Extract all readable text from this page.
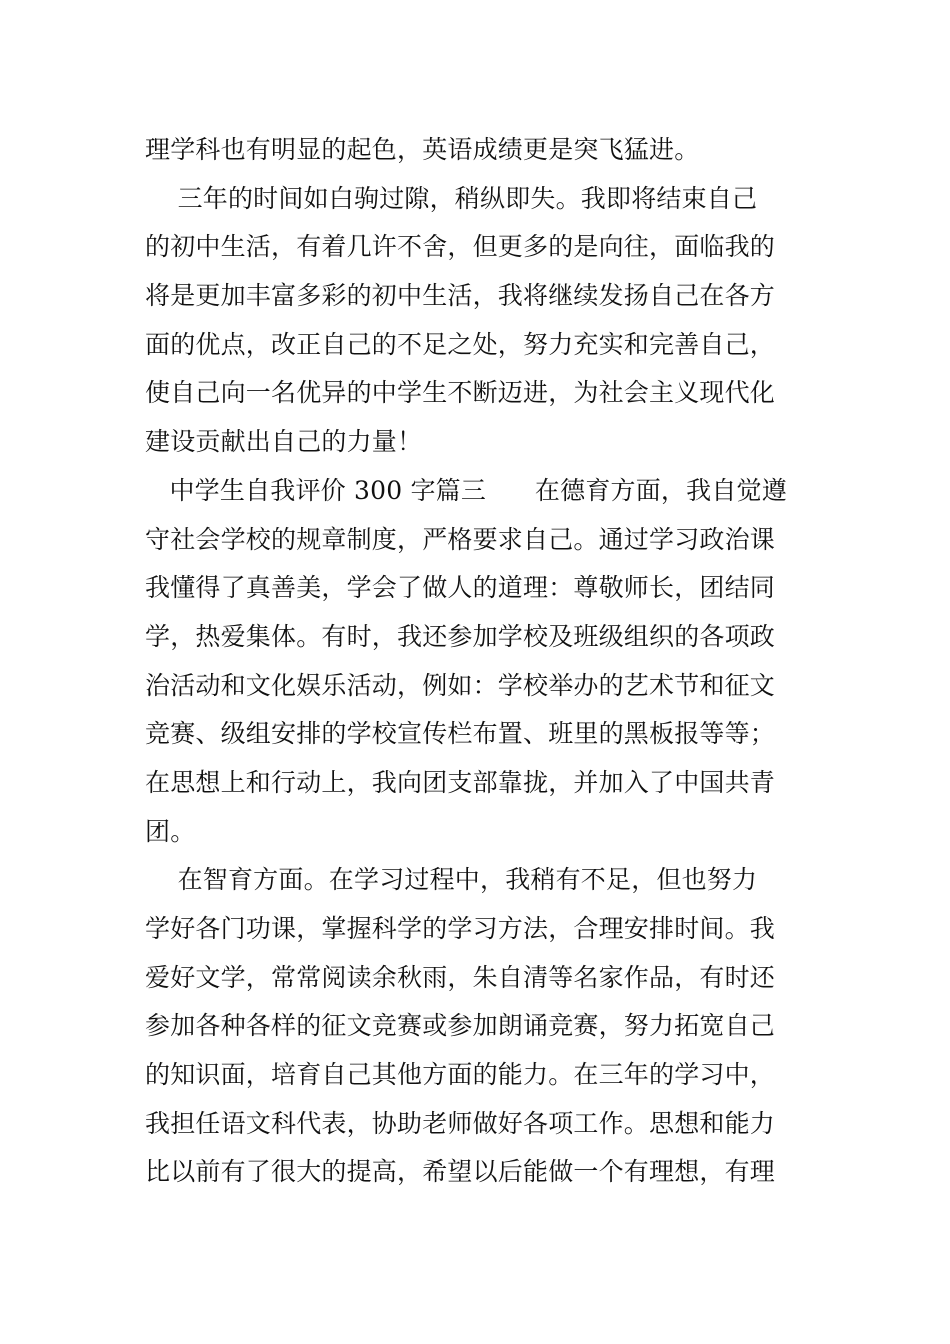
理学科也有明显的起色，英语成绩更是突飞猛进。
三年的时间如白驹过隙，稍纵即失。我即将结束自己
的初中生活，有着几许不舍，但更多的是向往，面临我的
将是更加丰富多彩的初中生活，我将继续发扬自己在各方
面的优点，改正自己的不足之处，努力充实和完善自己，
使自己向一名优异的中学生不断迈进，为社会主义现代化
建设贡献出自己的力量！
中学生自我评价 300 字篇三      在德育方面，我自觉遵
守社会学校的规章制度，严格要求自己。通过学习政治课
我懂得了真善美，学会了做人的道理：尊敬师长，团结同
学，热爱集体。有时，我还参加学校及班级组织的各项政
治活动和文化娱乐活动，例如：学校举办的艺术节和征文
竞赛、级组安排的学校宣传栏布置、班里的黑板报等等；
在思想上和行动上，我向团支部靠拢，并加入了中国共青
团。
在智育方面。在学习过程中，我稍有不足，但也努力
学好各门功课，掌握科学的学习方法，合理安排时间。我
爱好文学，常常阅读余秋雨，朱自清等名家作品，有时还
参加各种各样的征文竞赛或参加朗诵竞赛，努力拓宽自己
的知识面，培育自己其他方面的能力。在三年的学习中，
我担任语文科代表，协助老师做好各项工作。思想和能力
比以前有了很大的提高，希望以后能做一个有理想，有理
